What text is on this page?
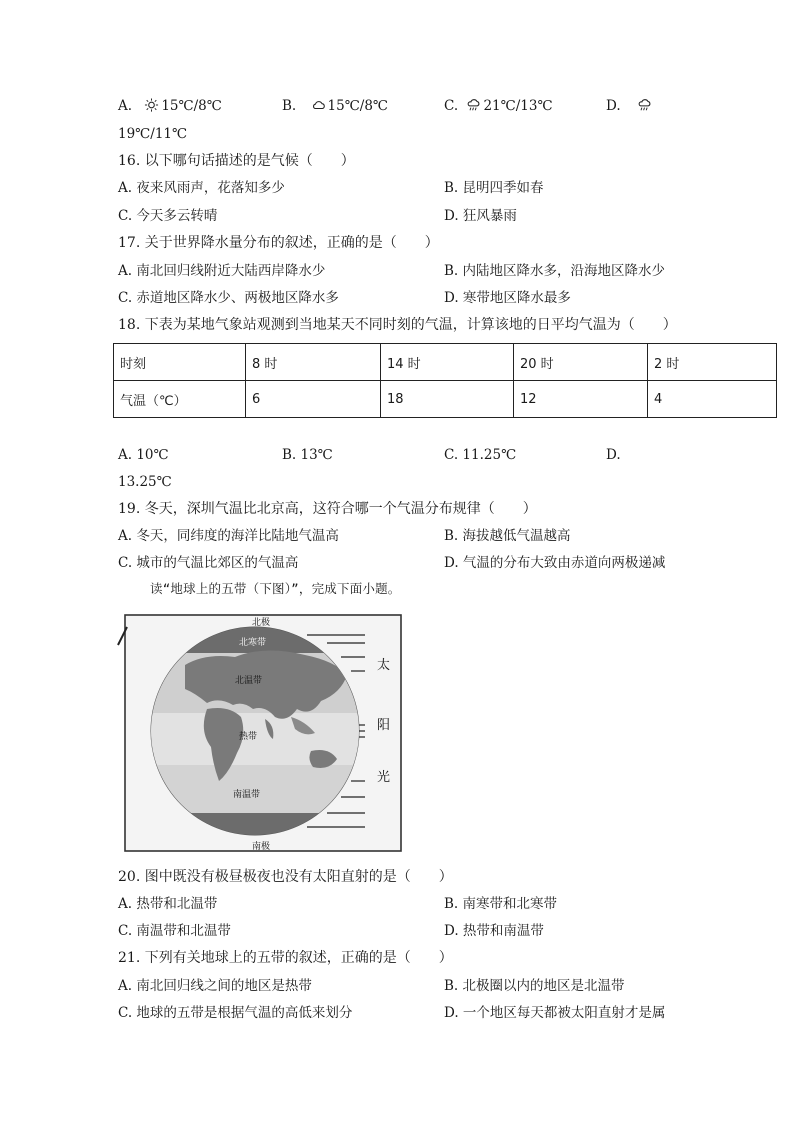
A. 15℃/8℃	B. 15℃/8℃	C. 21℃/13℃	D.
19℃/11℃
16. 以下哪句话描述的是气候（　　）
A. 夜来风雨声，花落知多少	B. 昆明四季如春
C. 今天多云转晴	D. 狂风暴雨
17. 关于世界降水量分布的叙述，正确的是（　　）
A. 南北回归线附近大陆西岸降水少	B. 内陆地区降水多，沿海地区降水少
C. 赤道地区降水少、两极地区降水多	D. 寒带地区降水最多
18. 下表为某地气象站观测到当地某天不同时刻的气温，计算该地的日平均气温为（　　）
时刻	8 时	14 时	20 时	2 时
气温（℃）	6	18	12	4
A. 10℃	B. 13℃	C. 11.25℃	D.
13.25℃
19. 冬天，深圳气温比北京高，这符合哪一个气温分布规律（　　）
A. 冬天，同纬度的海洋比陆地气温高	B. 海拔越低气温越高
C. 城市的气温比郊区的气温高	D. 气温的分布大致由赤道向两极递减
读“地球上的五带（下图）”，完成下面小题。
北极
南极
北寒带
北温带
热带
南温带
太
阳
光
20. 图中既没有极昼极夜也没有太阳直射的是（　　）
A. 热带和北温带	B. 南寒带和北寒带
C. 南温带和北温带	D. 热带和南温带
21. 下列有关地球上的五带的叙述，正确的是（　　）
A. 南北回归线之间的地区是热带	B. 北极圈以内的地区是北温带
C. 地球的五带是根据气温的高低来划分	D. 一个地区每天都被太阳直射才是属
